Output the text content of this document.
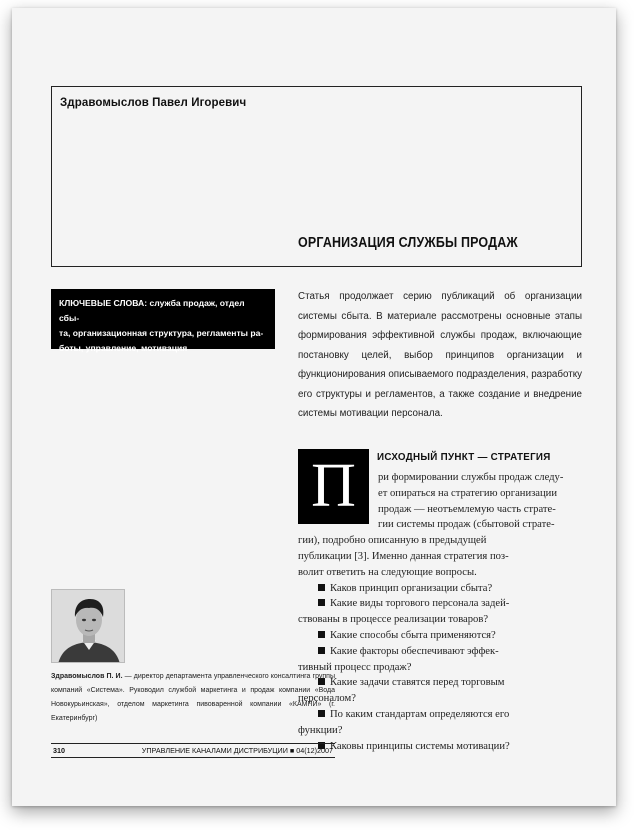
Здравомыслов Павел Игоревич
ОРГАНИЗАЦИЯ СЛУЖБЫ ПРОДАЖ
КЛЮЧЕВЫЕ СЛОВА: служба продаж, отдел сбы-
та, организационная структура, регламенты ра-
боты, управление, мотивация
Статья продолжает серию публикаций об организации системы сбыта. В материале рассмотрены основные этапы формирования эффективной службы продаж, включающие постановку целей, выбор принципов организации и функционирования описываемого подразделения, разработку его структуры и регламентов, а также создание и внедрение системы мотивации персонала.
П	ИСХОДНЫЙ ПУНКТ — СТРАТЕГИЯ
ри формировании службы продаж следу-
ет опираться на стратегию организации
продаж — неотъемлемую часть страте-
гии системы продаж (сбытовой страте-
гии), подробно описанную в предыдущей
публикации [3]. Именно данная стратегия поз-
волит ответить на следующие вопросы.
Каков принцип организации сбыта?
Какие виды торгового персонала задей-
ствованы в процессе реализации товаров?
Какие способы сбыта применяются?
Какие факторы обеспечивают эффек-
тивный процесс продаж?
Какие задачи ставятся перед торговым
персоналом?
По каким стандартам определяются его
функции?
Каковы принципы системы мотивации?
Здравомыслов П. И. — директор департамента управленческого консалтинга группы компаний «Система». Руководил службой маркетинга и продаж компании «Вода Новокурьинская», отделом маркетинга пивоваренной компании «КАМПИ» (г. Екатеринбург)
310	УПРАВЛЕНИЕ КАНАЛАМИ ДИСТРИБУЦИИ ■ 04(12)2007
